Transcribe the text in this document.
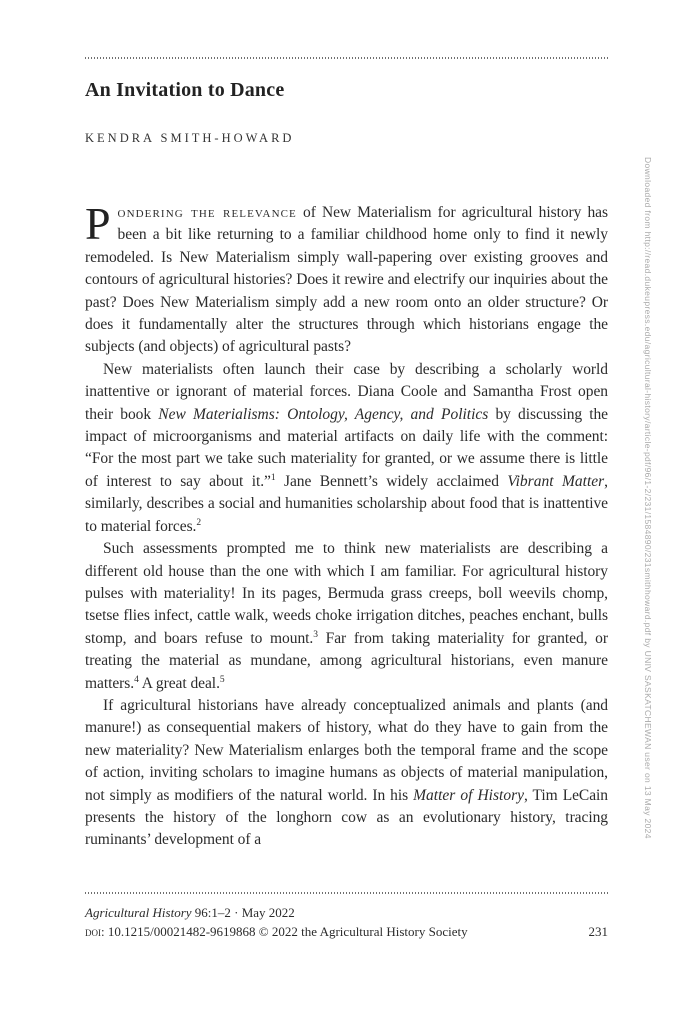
An Invitation to Dance
KENDRA SMITH-HOWARD

Pondering the relevance of New Materialism for agricultural history has been a bit like returning to a familiar childhood home only to find it newly remodeled. Is New Materialism simply wall-papering over existing grooves and contours of agricultural histories? Does it rewire and electrify our inquiries about the past? Does New Materialism simply add a new room onto an older structure? Or does it fundamentally alter the structures through which historians engage the subjects (and objects) of agricultural pasts?

New materialists often launch their case by describing a scholarly world inattentive or ignorant of material forces. Diana Coole and Samantha Frost open their book New Materialisms: Ontology, Agency, and Politics by discussing the impact of microorganisms and material artifacts on daily life with the comment: “For the most part we take such materiality for granted, or we assume there is little of interest to say about it.”$^1$ Jane Bennett’s widely acclaimed Vibrant Matter, similarly, describes a social and humanities scholarship about food that is inattentive to material forces.$^2$

Such assessments prompted me to think new materialists are describing a different old house than the one with which I am familiar. For agricultural history pulses with materiality! In its pages, Bermuda grass creeps, boll weevils chomp, tsetse flies infect, cattle walk, weeds choke irrigation ditches, peaches enchant, bulls stomp, and boars refuse to mount.$^3$ Far from taking materiality for granted, or treating the material as mundane, among agricultural historians, even manure matters.$^4$ A great deal.$^5$

If agricultural historians have already conceptualized animals and plants (and manure!) as consequential makers of history, what do they have to gain from the new materiality? New Materialism enlarges both the temporal frame and the scope of action, inviting scholars to imagine humans as objects of material manipulation, not simply as modifiers of the natural world. In his Matter of History, Tim LeCain presents the history of the longhorn cow as an evolutionary history, tracing ruminants’ development of a

Agricultural History 96:1–2 · May 2022
doi: 10.1215/00021482-9619868 © 2022 the Agricultural History Society	231
Downloaded from http://read.dukeupress.edu/agricultural-history/article-pdf/96/1-2/231/1584890/231smithhoward.pdf by UNIV SASKATCHEWAN user on 13 May 2024
